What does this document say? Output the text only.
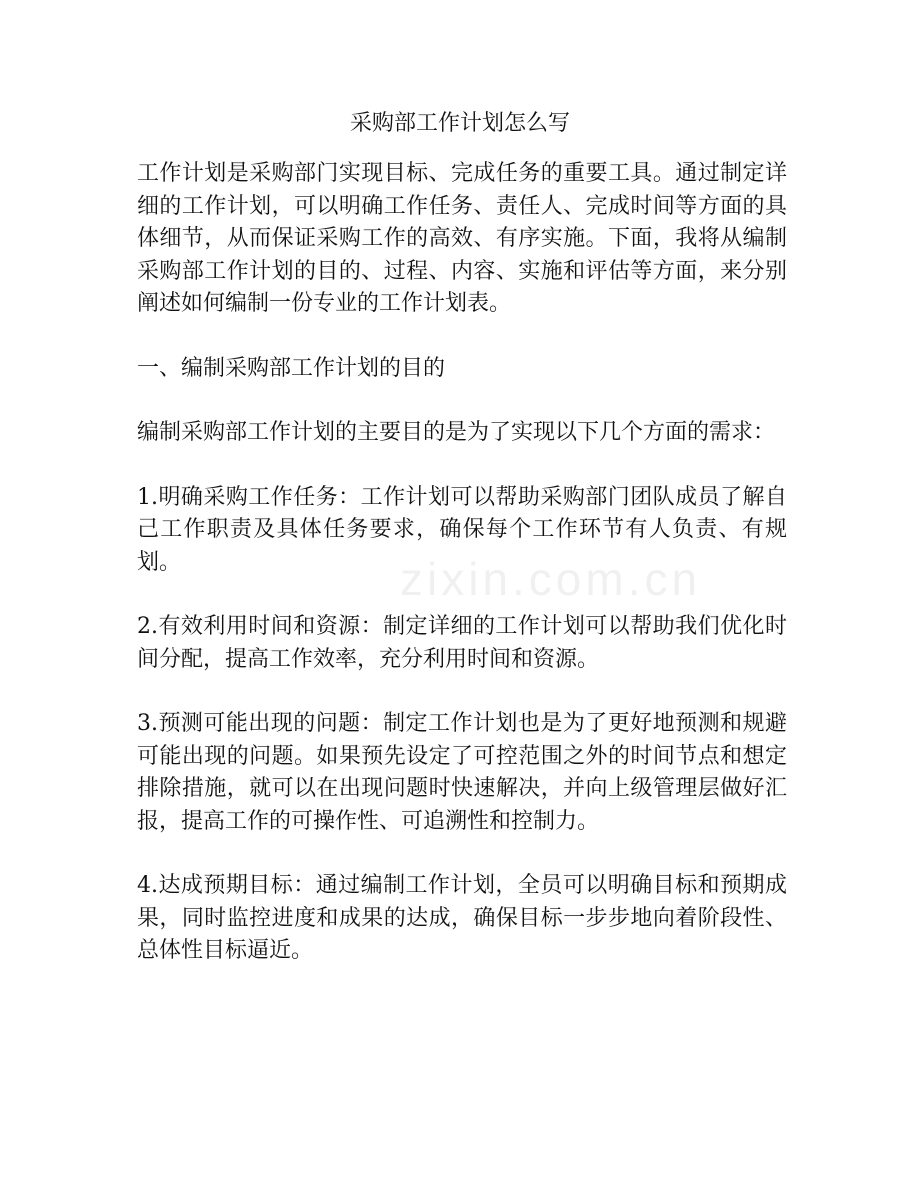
zixin.com.cn
采购部工作计划怎么写

工作计划是采购部门实现目标、完成任务的重要工具。通过制定详细的工作计划，可以明确工作任务、责任人、完成时间等方面的具体细节，从而保证采购工作的高效、有序实施。下面，我将从编制采购部工作计划的目的、过程、内容、实施和评估等方面，来分别阐述如何编制一份专业的工作计划表。

一、编制采购部工作计划的目的

编制采购部工作计划的主要目的是为了实现以下几个方面的需求：

1.明确采购工作任务：工作计划可以帮助采购部门团队成员了解自己工作职责及具体任务要求，确保每个工作环节有人负责、有规划。

2.有效利用时间和资源：制定详细的工作计划可以帮助我们优化时间分配，提高工作效率，充分利用时间和资源。

3.预测可能出现的问题：制定工作计划也是为了更好地预测和规避可能出现的问题。如果预先设定了可控范围之外的时间节点和想定排除措施，就可以在出现问题时快速解决，并向上级管理层做好汇报，提高工作的可操作性、可追溯性和控制力。

4.达成预期目标：通过编制工作计划，全员可以明确目标和预期成果，同时监控进度和成果的达成，确保目标一步步地向着阶段性、总体性目标逼近。
